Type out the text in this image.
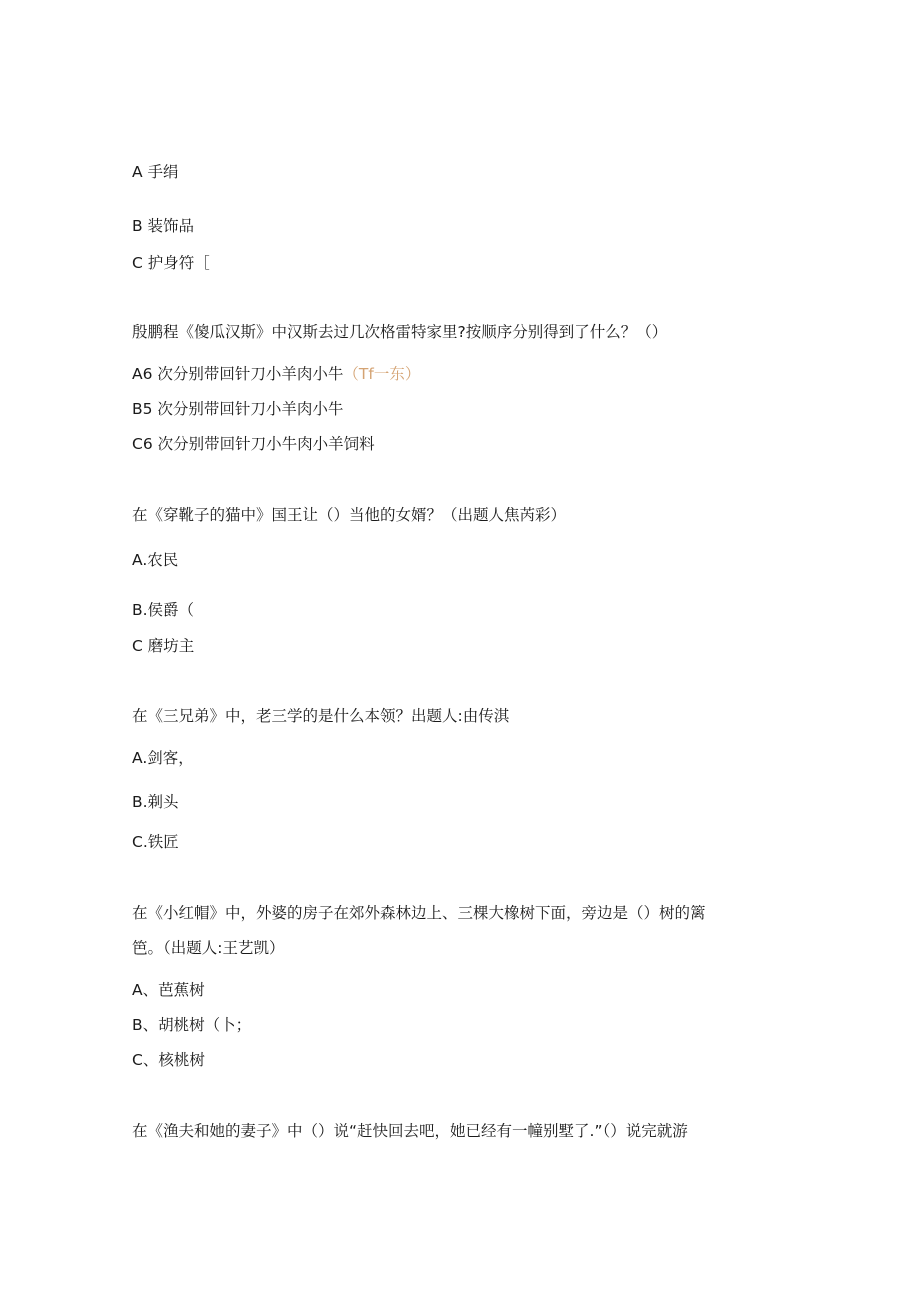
A 手绢
B 装饰品
C 护身符［
殷鹏程《傻瓜汉斯》中汉斯去过几次格雷特家里?按顺序分别得到了什么？（）
A6 次分别带回针刀小羊肉小牛（Tf一东）
B5 次分别带回针刀小羊肉小牛
C6 次分别带回针刀小牛肉小羊饲料
在《穿靴子的猫中》国王让（）当他的女婿？（出题人焦芮彩）
A.农民
B.侯爵（
C 磨坊主
在《三兄弟》中，老三学的是什么本领？出题人:由传淇
A.剑客，
B.剃头
C.铁匠
在《小红帽》中，外婆的房子在郊外森林边上、三棵大橡树下面，旁边是（）树的篱
笆。（出题人:王艺凯）
A、芭蕉树
B、胡桃树（卜；
C、核桃树
在《渔夫和她的妻子》中（）说“赶快回去吧，她已经有一幢别墅了.”（）说完就游
